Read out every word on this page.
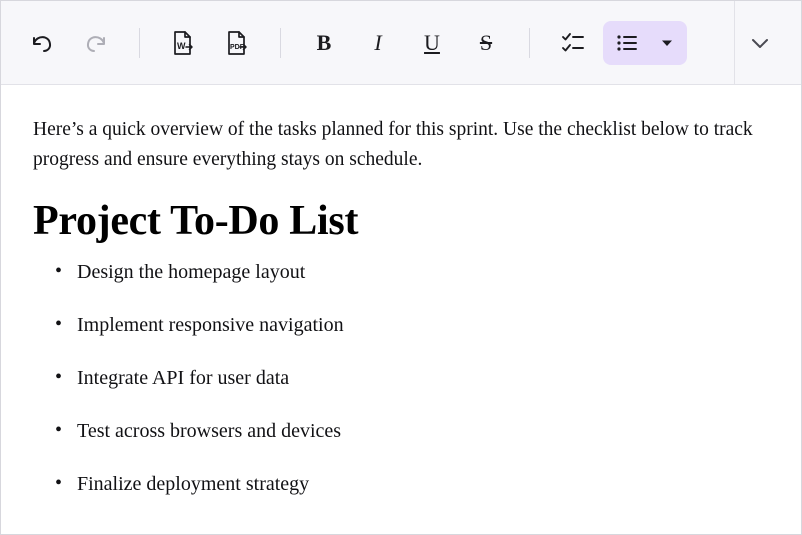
W	PDF	B I U S

Here’s a quick overview of the tasks planned for this sprint. Use the checklist below to track progress and ensure everything stays on schedule.

Project To-Do List
• Design the homepage layout
• Implement responsive navigation
• Integrate API for user data
• Test across browsers and devices
• Finalize deployment strategy
